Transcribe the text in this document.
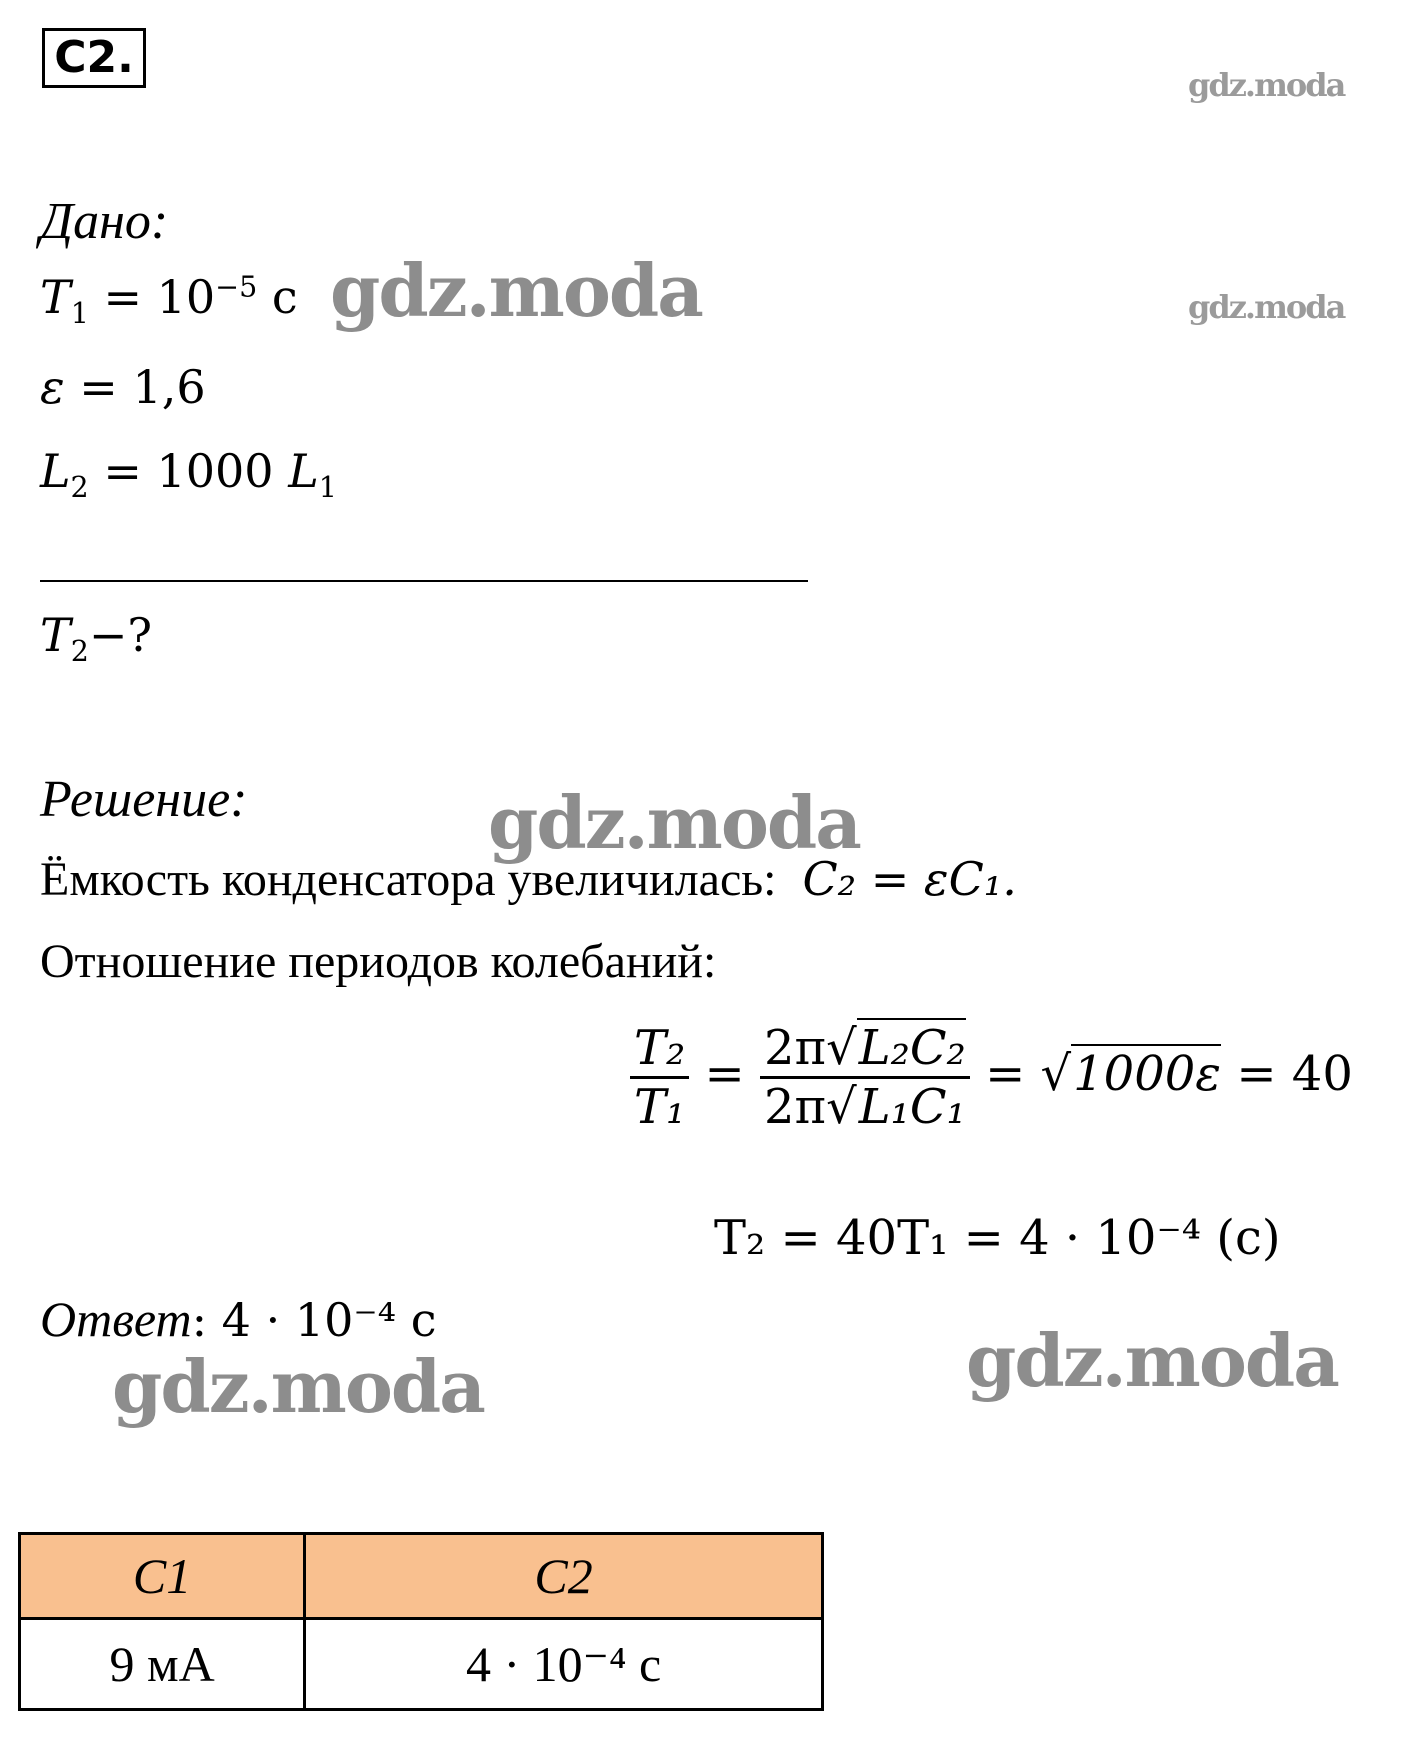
С2.
gdz.moda
gdz.moda
Дано:
$T_1 = 10^{-5}$ с gdz.moda
ε = 1,6
$L_2 = 1000$ $L_1$
$T_2-$?
Решение:	gdz.moda
Ёмкость конденсатора увеличилась: C₂ = εC₁.
Отношение периодов колебаний:
$\frac{\text{T₂}}{\text{T₁}} = \frac{\text{2π√L₂C₂}}{\text{2π√L₁C₁}} = √1000\varepsilon = 40$
T₂ = 40T₁ = 4 · 10⁻⁴ (с)
Ответ: 4 · 10⁻⁴ с
gdz.moda	gdz.moda
С1	С2
9 мА	4 · 10⁻⁴ с
